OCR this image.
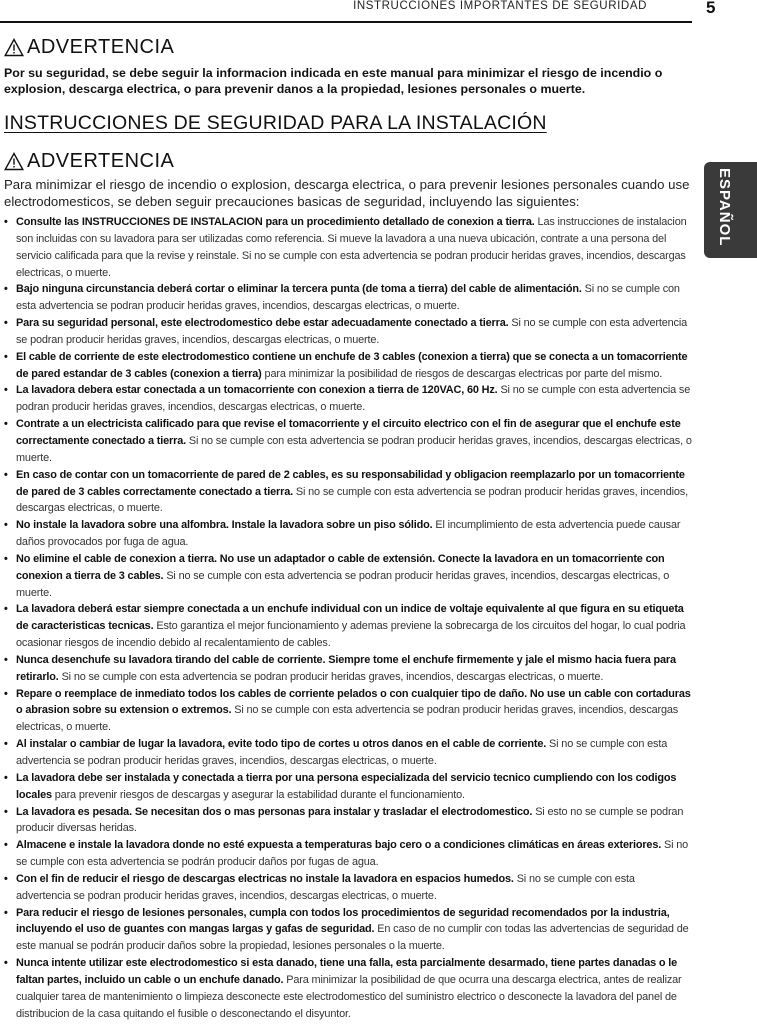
INSTRUCCIONES IMPORTANTES DE SEGURIDAD	5
ESPAÑOL
ADVERTENCIA

Por su seguridad, se debe seguir la informacion indicada en este manual para minimizar el riesgo de incendio o explosion, descarga electrica, o para prevenir danos a la propiedad, lesiones personales o muerte.

INSTRUCCIONES DE SEGURIDAD PARA LA INSTALACIÓN
ADVERTENCIA

Para minimizar el riesgo de incendio o explosion, descarga electrica, o para prevenir lesiones personales cuando use electrodomesticos, se deben seguir precauciones basicas de seguridad, incluyendo las siguientes:

• Consulte las INSTRUCCIONES DE INSTALACION para un procedimiento detallado de conexion a tierra. Las instrucciones de instalacion son incluidas con su lavadora para ser utilizadas como referencia. Si mueve la lavadora a una nueva ubicación, contrate a una persona del servicio calificada para que la revise y reinstale. Si no se cumple con esta advertencia se podran producir heridas graves, incendios, descargas electricas, o muerte.
• Bajo ninguna circunstancia deberá cortar o eliminar la tercera punta (de toma a tierra) del cable de alimentación. Si no se cumple con esta advertencia se podran producir heridas graves, incendios, descargas electricas, o muerte.
• Para su seguridad personal, este electrodomestico debe estar adecuadamente conectado a tierra. Si no se cumple con esta advertencia se podran producir heridas graves, incendios, descargas electricas, o muerte.
• El cable de corriente de este electrodomestico contiene un enchufe de 3 cables (conexion a tierra) que se conecta a un tomacorriente de pared estandar de 3 cables (conexion a tierra) para minimizar la posibilidad de riesgos de descargas electricas por parte del mismo.
• La lavadora debera estar conectada a un tomacorriente con conexion a tierra de 120VAC, 60 Hz. Si no se cumple con esta advertencia se podran producir heridas graves, incendios, descargas electricas, o muerte.
• Contrate a un electricista calificado para que revise el tomacorriente y el circuito electrico con el fin de asegurar que el enchufe este correctamente conectado a tierra. Si no se cumple con esta advertencia se podran producir heridas graves, incendios, descargas electricas, o muerte.
• En caso de contar con un tomacorriente de pared de 2 cables, es su responsabilidad y obligacion reemplazarlo por un tomacorriente de pared de 3 cables correctamente conectado a tierra. Si no se cumple con esta advertencia se podran producir heridas graves, incendios, descargas electricas, o muerte.
• No instale la lavadora sobre una alfombra. Instale la lavadora sobre un piso sólido. El incumplimiento de esta advertencia puede causar daños provocados por fuga de agua.
• No elimine el cable de conexion a tierra. No use un adaptador o cable de extensión. Conecte la lavadora en un tomacorriente con conexion a tierra de 3 cables. Si no se cumple con esta advertencia se podran producir heridas graves, incendios, descargas electricas, o muerte.
• La lavadora deberá estar siempre conectada a un enchufe individual con un indice de voltaje equivalente al que figura en su etiqueta de caracteristicas tecnicas. Esto garantiza el mejor funcionamiento y ademas previene la sobrecarga de los circuitos del hogar, lo cual podria ocasionar riesgos de incendio debido al recalentamiento de cables.
• Nunca desenchufe su lavadora tirando del cable de corriente. Siempre tome el enchufe firmemente y jale el mismo hacia fuera para retirarlo. Si no se cumple con esta advertencia se podran producir heridas graves, incendios, descargas electricas, o muerte.
• Repare o reemplace de inmediato todos los cables de corriente pelados o con cualquier tipo de daño. No use un cable con cortaduras o abrasion sobre su extension o extremos. Si no se cumple con esta advertencia se podran producir heridas graves, incendios, descargas electricas, o muerte.
• Al instalar o cambiar de lugar la lavadora, evite todo tipo de cortes u otros danos en el cable de corriente. Si no se cumple con esta advertencia se podran producir heridas graves, incendios, descargas electricas, o muerte.
• La lavadora debe ser instalada y conectada a tierra por una persona especializada del servicio tecnico cumpliendo con los codigos locales para prevenir riesgos de descargas y asegurar la estabilidad durante el funcionamiento.
• La lavadora es pesada. Se necesitan dos o mas personas para instalar y trasladar el electrodomestico. Si esto no se cumple se podran producir diversas heridas.
• Almacene e instale la lavadora donde no esté expuesta a temperaturas bajo cero o a condiciones climáticas en áreas exteriores. Si no se cumple con esta advertencia se podrán producir daños por fugas de agua.
• Con el fin de reducir el riesgo de descargas electricas no instale la lavadora en espacios humedos. Si no se cumple con esta advertencia se podran producir heridas graves, incendios, descargas electricas, o muerte.
• Para reducir el riesgo de lesiones personales, cumpla con todos los procedimientos de seguridad recomendados por la industria, incluyendo el uso de guantes con mangas largas y gafas de seguridad. En caso de no cumplir con todas las advertencias de seguridad de este manual se podrán producir daños sobre la propiedad, lesiones personales o la muerte.
• Nunca intente utilizar este electrodomestico si esta danado, tiene una falla, esta parcialmente desarmado, tiene partes danadas o le faltan partes, incluido un cable o un enchufe danado. Para minimizar la posibilidad de que ocurra una descarga electrica, antes de realizar cualquier tarea de mantenimiento o limpieza desconecte este electrodomestico del suministro electrico o desconecte la lavadora del panel de distribucion de la casa quitando el fusible o desconectando el disyuntor.
